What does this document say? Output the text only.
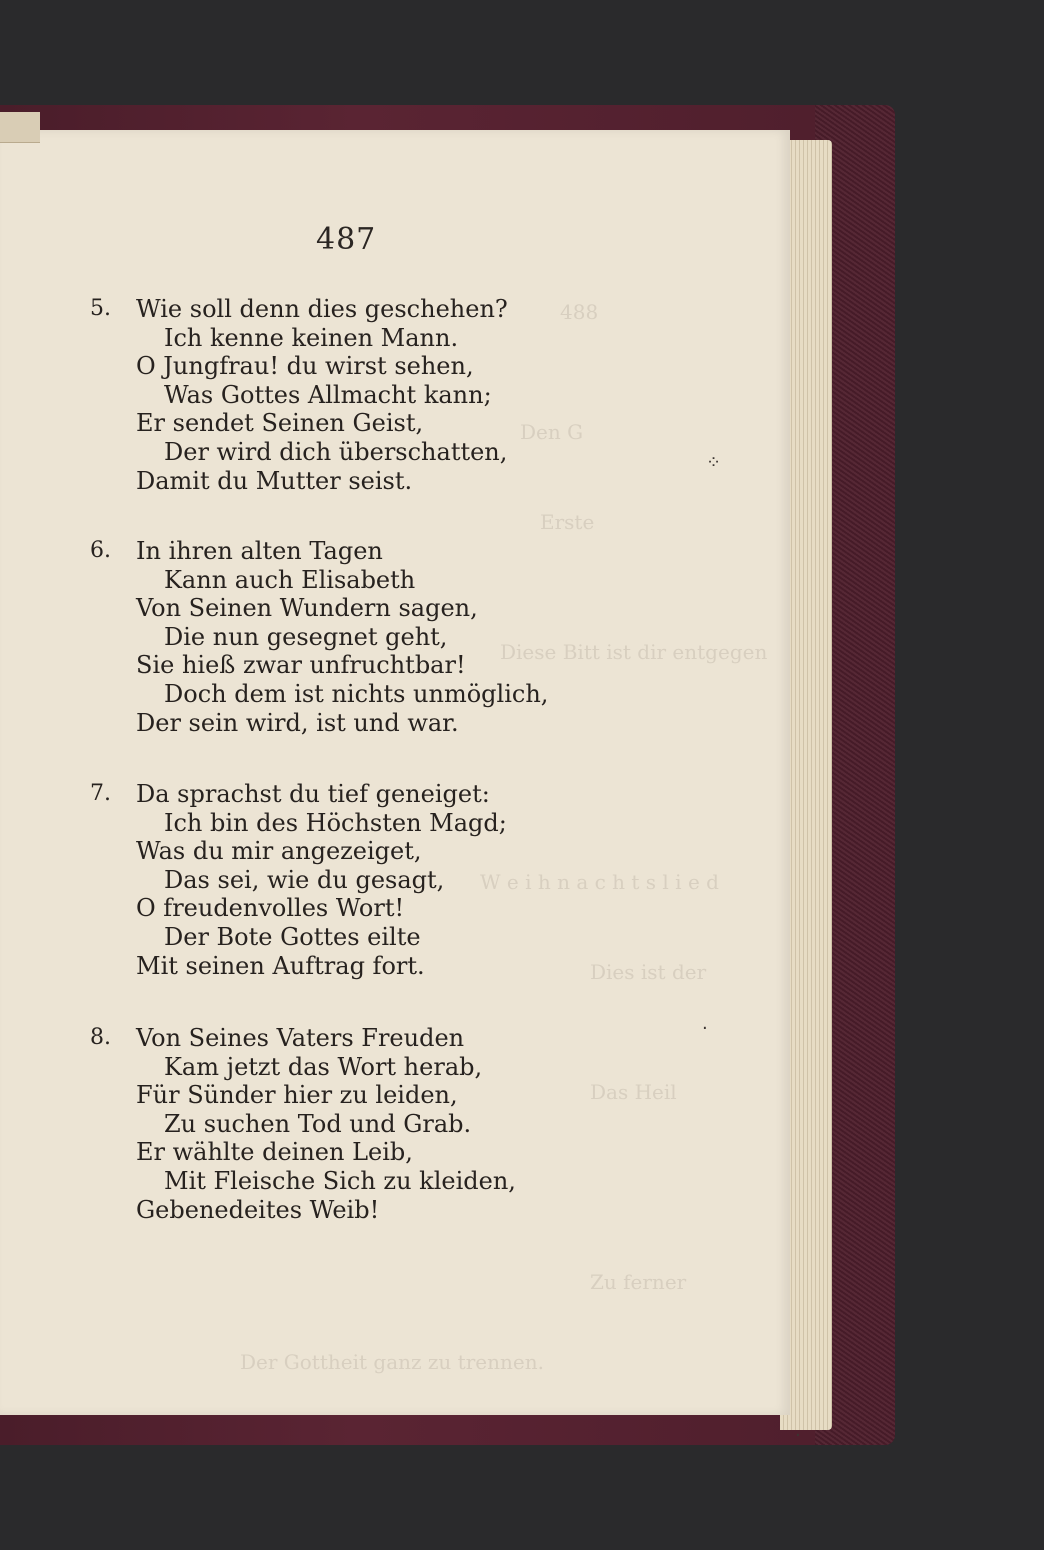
488
Den G
Erste
Diese Bitt ist dir entgegen
W e i h n a c h t s l i e d
Dies ist der
Das Heil
Zu ferner
Der Gottheit ganz zu trennen.
487
5.	Wie soll denn dies geschehen?
Ich kenne keinen Mann.
O Jungfrau! du wirst sehen,
Was Gottes Allmacht kann;
Er sendet Seinen Geist,
Der wird dich überschatten,
Damit du Mutter seist.
6.	In ihren alten Tagen
Kann auch Elisabeth
Von Seinen Wundern sagen,
Die nun gesegnet geht,
Sie hieß zwar unfruchtbar!
Doch dem ist nichts unmöglich,
Der sein wird, ist und war.
7.	Da sprachst du tief geneiget:
Ich bin des Höchsten Magd;
Was du mir angezeiget,
Das sei, wie du gesagt,
O freudenvolles Wort!
Der Bote Gottes eilte
Mit seinen Auftrag fort.
8.	Von Seines Vaters Freuden
Kam jetzt das Wort herab,
Für Sünder hier zu leiden,
Zu suchen Tod und Grab.
Er wählte deinen Leib,
Mit Fleische Sich zu kleiden,
Gebenedeites Weib!
⁘
·
·
